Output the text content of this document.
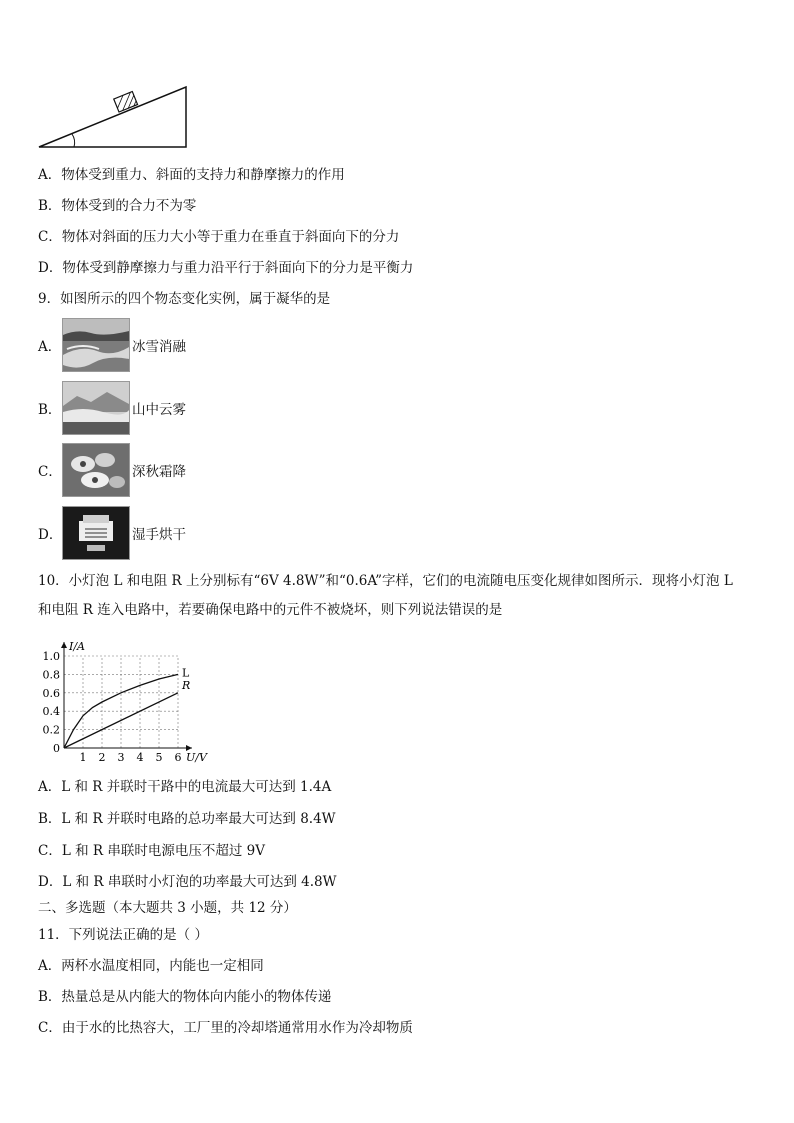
A．物体受到重力、斜面的支持力和静摩擦力的作用
B．物体受到的合力不为零
C．物体对斜面的压力大小等于重力在垂直于斜面向下的分力
D．物体受到静摩擦力与重力沿平行于斜面向下的分力是平衡力
9．如图所示的四个物态变化实例，属于凝华的是
A．	冰雪消融
B．	山中云雾
C．	深秋霜降
D．	湿手烘干
10．小灯泡 L 和电阻 R 上分别标有“6V 4.8W”和“0.6A”字样，它们的电流随电压变化规律如图所示．现将小灯泡 L
和电阻 R 连入电路中，若要确保电路中的元件不被烧坏，则下列说法错误的是
1 2 3 4 5 6
0.2
0.4
0.6
0.8
1.0
0
U/V
I/A
L
R
A．L 和 R 并联时干路中的电流最大可达到 1.4A
B．L 和 R 并联时电路的总功率最大可达到 8.4W
C．L 和 R 串联时电源电压不超过 9V
D．L 和 R 串联时小灯泡的功率最大可达到 4.8W
二、多选题（本大题共 3 小题，共 12 分）
11．下列说法正确的是（ ）
A．两杯水温度相同，内能也一定相同
B．热量总是从内能大的物体向内能小的物体传递
C．由于水的比热容大，工厂里的冷却塔通常用水作为冷却物质
